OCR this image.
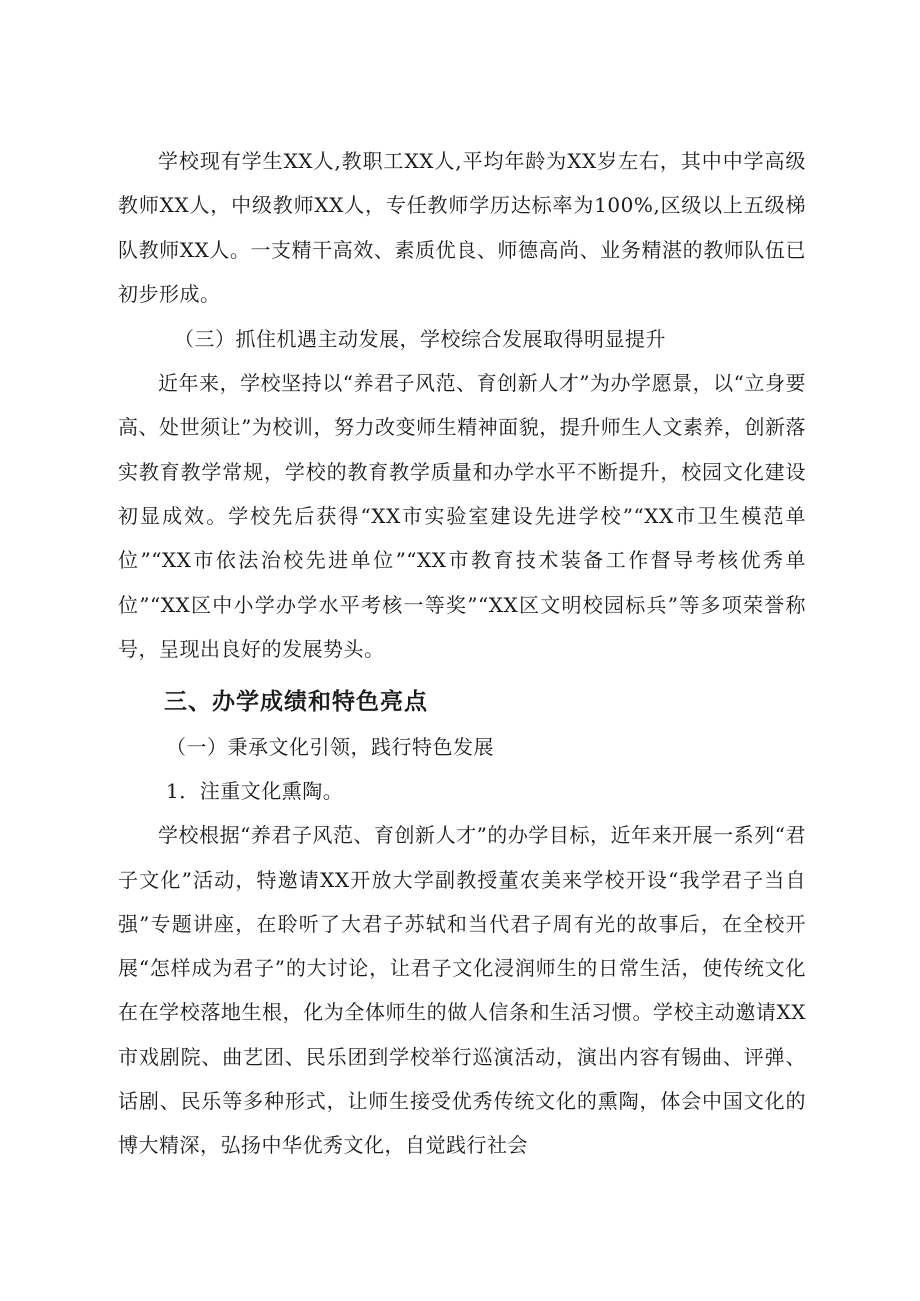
学校现有学生XX人,教职工XX人,平均年龄为XX岁左右，其中中学高级教师XX人，中级教师XX人，专任教师学历达标率为100%,区级以上五级梯队教师XX人。一支精干高效、素质优良、师德高尚、业务精湛的教师队伍已初步形成。

（三）抓住机遇主动发展，学校综合发展取得明显提升

近年来，学校坚持以“养君子风范、育创新人才”为办学愿景，以“立身要高、处世须让”为校训，努力改变师生精神面貌，提升师生人文素养，创新落实教育教学常规，学校的教育教学质量和办学水平不断提升，校园文化建设初显成效。学校先后获得“XX市实验室建设先进学校”“XX市卫生模范单位”“XX市依法治校先进单位”“XX市教育技术装备工作督导考核优秀单位”“XX区中小学办学水平考核一等奖”“XX区文明校园标兵”等多项荣誉称号，呈现出良好的发展势头。

三、办学成绩和特色亮点

（一）秉承文化引领，践行特色发展

1．注重文化熏陶。

学校根据“养君子风范、育创新人才”的办学目标，近年来开展一系列“君子文化”活动，特邀请XX开放大学副教授董农美来学校开设“我学君子当自强”专题讲座，在聆听了大君子苏轼和当代君子周有光的故事后，在全校开展“怎样成为君子”的大讨论，让君子文化浸润师生的日常生活，使传统文化在在学校落地生根，化为全体师生的做人信条和生活习惯。学校主动邀请XX市戏剧院、曲艺团、民乐团到学校举行巡演活动，演出内容有锡曲、评弹、话剧、民乐等多种形式，让师生接受优秀传统文化的熏陶，体会中国文化的博大精深，弘扬中华优秀文化，自觉践行社会
